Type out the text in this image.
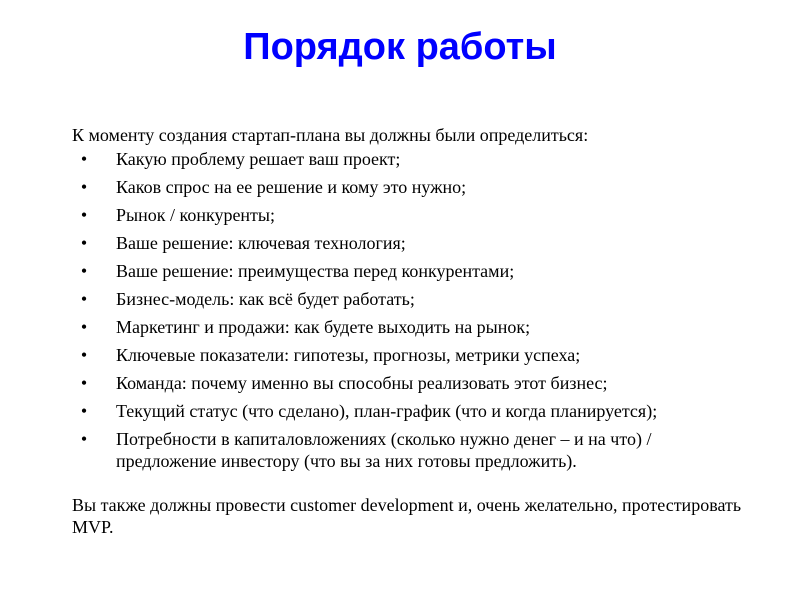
Порядок работы

К моменту создания стартап-плана вы должны были определиться:

• Какую проблему решает ваш проект;
• Каков спрос на ее решение и кому это нужно;
• Рынок / конкуренты;
• Ваше решение: ключевая технология;
• Ваше решение: преимущества перед конкурентами;
• Бизнес-модель: как всё будет работать;
• Маркетинг и продажи: как будете выходить на рынок;
• Ключевые показатели: гипотезы, прогнозы, метрики успеха;
• Команда: почему именно вы способны реализовать этот бизнес;
• Текущий статус (что сделано), план-график (что и когда планируется);
• Потребности в капиталовложениях (сколько нужно денег – и на что) / предложение инвестору (что вы за них готовы предложить).

Вы также должны провести customer development и, очень желательно, протестировать MVP.
